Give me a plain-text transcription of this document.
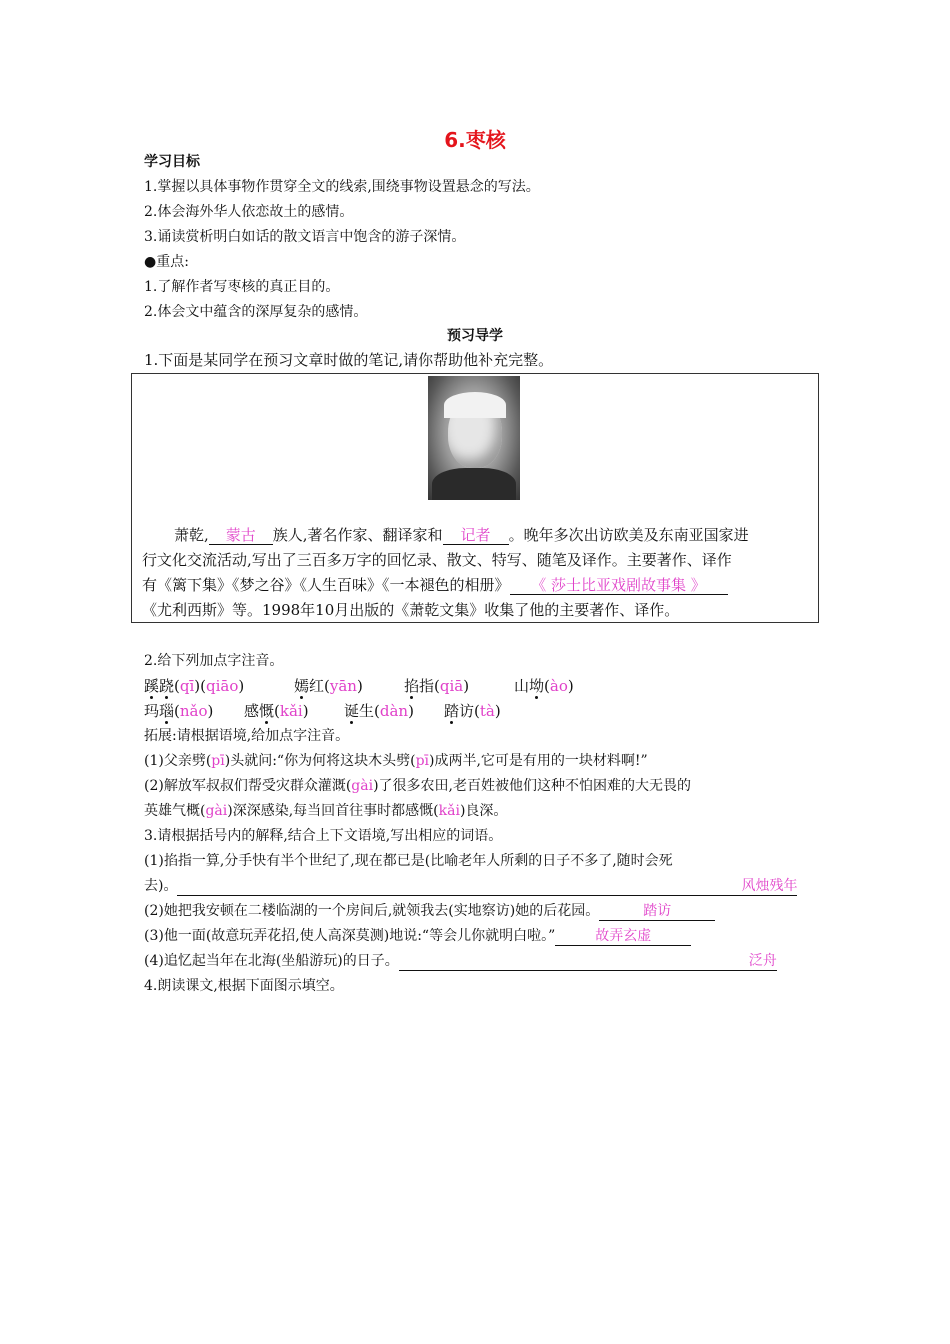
6.枣核
学习目标
1.掌握以具体事物作贯穿全文的线索,围绕事物设置悬念的写法。
2.体会海外华人依恋故土的感情。
3.诵读赏析明白如话的散文语言中饱含的游子深情。
●重点:
1.了解作者写枣核的真正目的。
2.体会文中蕴含的深厚复杂的感情。
预习导学
1.下面是某同学在预习文章时做的笔记,请你帮助他补充完整。
萧乾, 蒙古 族人,著名作家、翻译家和 记者 。晚年多次出访欧美及东南亚国家进
行文化交流活动,写出了三百多万字的回忆录、散文、特写、随笔及译作。主要著作、译作
有《篱下集》《梦之谷》《人生百味》《一本褪色的相册》 《 莎士比亚戏剧故事集 》
《尤利西斯》等。1998年10月出版的《萧乾文集》收集了他的主要著作、译作。
2.给下列加点字注音。
蹊跷(qī)(qiāo)	嫣红(yān)	掐指(qiā)	山坳(ào)
玛瑙(nǎo) 感慨(kǎi) 诞生(dàn) 踏访(tà)
拓展:请根据语境,给加点字注音。
(1)父亲劈(pī)头就问:“你为何将这块木头劈(pī)成两半,它可是有用的一块材料啊!”
(2)解放军叔叔们帮受灾群众灌溉(gài)了很多农田,老百姓被他们这种不怕困难的大无畏的
英雄气概(gài)深深感染,每当回首往事时都感慨(kǎi)良深。
3.请根据括号内的解释,结合上下文语境,写出相应的词语。
(1)掐指一算,分手快有半个世纪了,现在都已是(比喻老年人所剩的日子不多了,随时会死
去)。	风烛残年
(2)她把我安顿在二楼临湖的一个房间后,就领我去(实地察访)她的后花园。	踏访
(3)他一面(故意玩弄花招,使人高深莫测)地说:“等会儿你就明白啦。”	故弄玄虚
(4)追忆起当年在北海(坐船游玩)的日子。	泛舟
4.朗读课文,根据下面图示填空。
